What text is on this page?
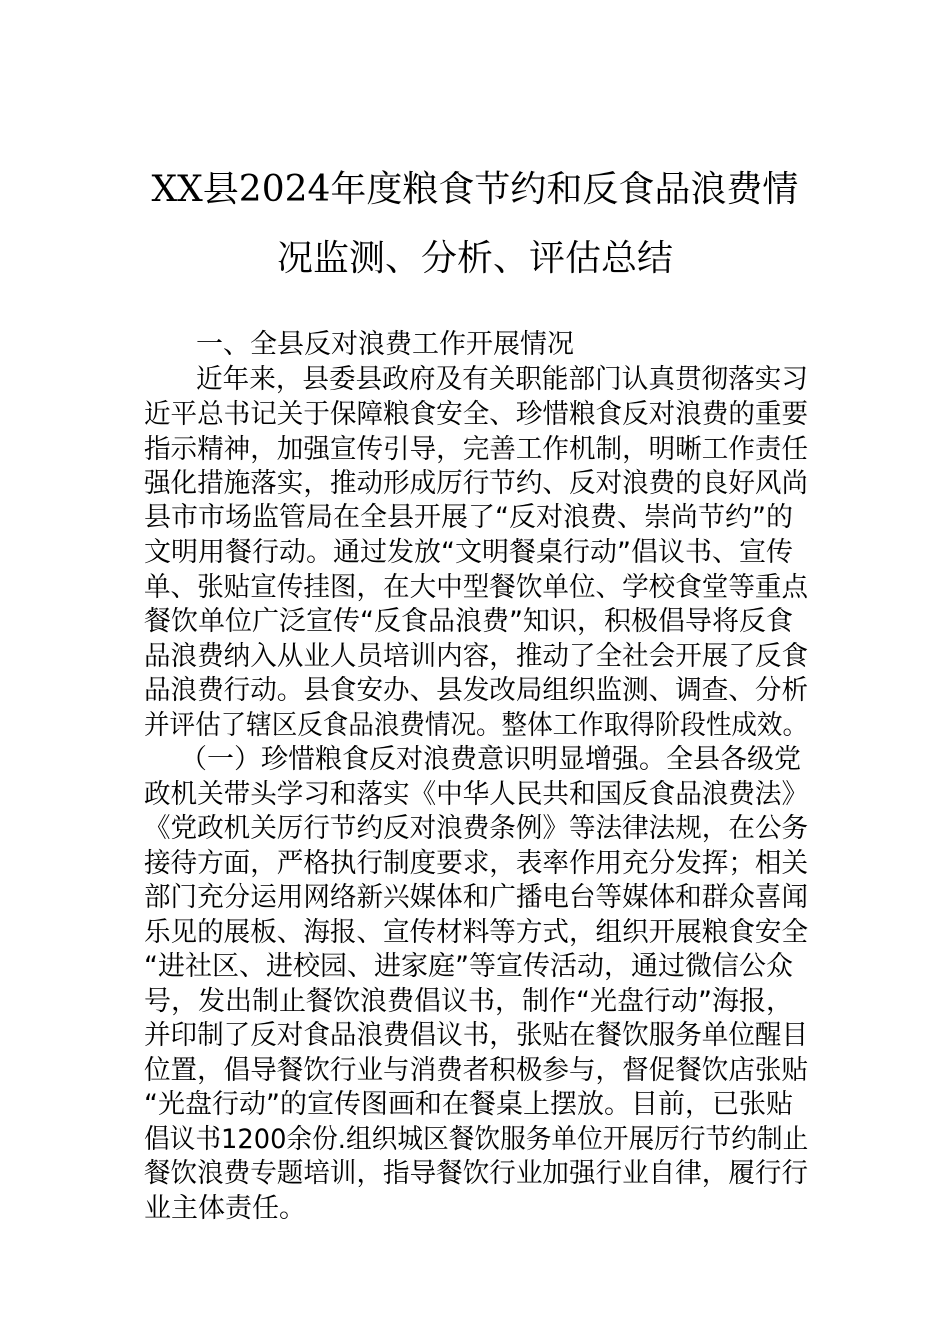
XX县2024年度粮食节约和反食品浪费情
况监测、分析、评估总结
一、全县反对浪费工作开展情况
近年来，县委县政府及有关职能部门认真贯彻落实习
近平总书记关于保障粮食安全、珍惜粮食反对浪费的重要
指示精神，加强宣传引导，完善工作机制，明晰工作责任
强化措施落实，推动形成厉行节约、反对浪费的良好风尚
县市市场监管局在全县开展了“反对浪费、崇尚节约”的
文明用餐行动。通过发放“文明餐桌行动”倡议书、宣传
单、张贴宣传挂图，在大中型餐饮单位、学校食堂等重点
餐饮单位广泛宣传“反食品浪费”知识，积极倡导将反食
品浪费纳入从业人员培训内容，推动了全社会开展了反食
品浪费行动。县食安办、县发改局组织监测、调查、分析
并评估了辖区反食品浪费情况。整体工作取得阶段性成效。
（一）珍惜粮食反对浪费意识明显增强。全县各级党
政机关带头学习和落实《中华人民共和国反食品浪费法》
《党政机关厉行节约反对浪费条例》等法律法规，在公务
接待方面，严格执行制度要求，表率作用充分发挥；相关
部门充分运用网络新兴媒体和广播电台等媒体和群众喜闻
乐见的展板、海报、宣传材料等方式，组织开展粮食安全
“进社区、进校园、进家庭”等宣传活动，通过微信公众
号，发出制止餐饮浪费倡议书，制作“光盘行动”海报，
并印制了反对食品浪费倡议书，张贴在餐饮服务单位醒目
位置，倡导餐饮行业与消费者积极参与，督促餐饮店张贴
“光盘行动”的宣传图画和在餐桌上摆放。目前，已张贴
倡议书1200余份.组织城区餐饮服务单位开展厉行节约制止
餐饮浪费专题培训，指导餐饮行业加强行业自律，履行行
业主体责任。
